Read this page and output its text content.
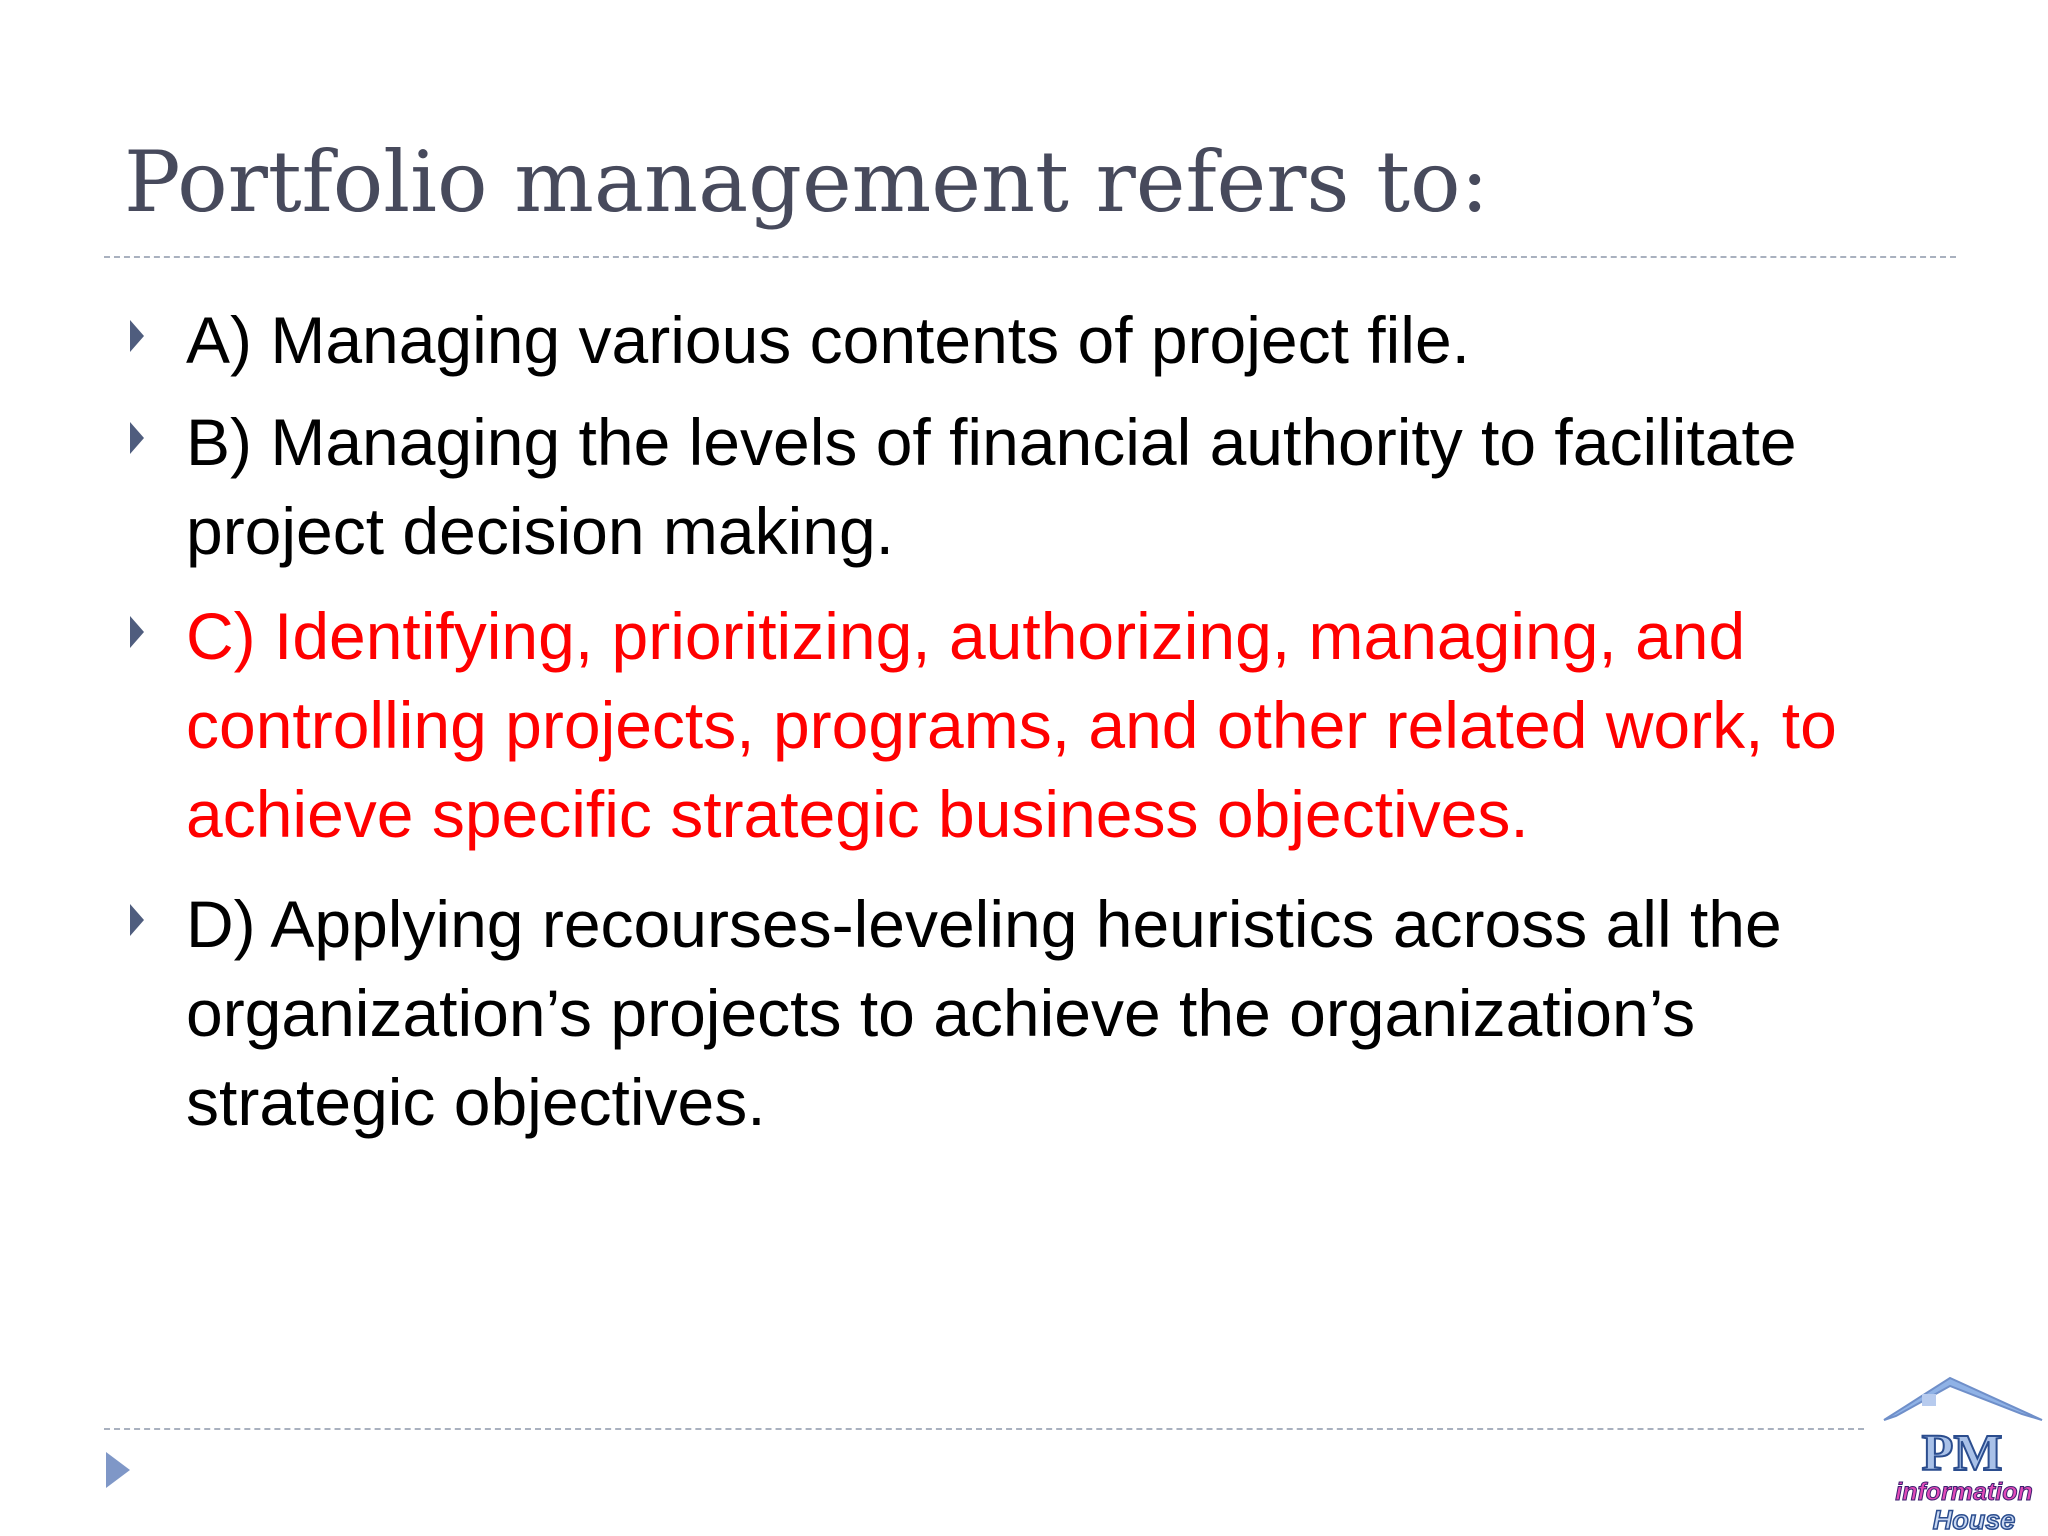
Portfolio management refers to:
A) Managing various contents of project file.
B) Managing the levels of financial authority to facilitate project decision making.
C) Identifying, prioritizing, authorizing, managing, and controlling projects, programs, and other related work, to achieve specific strategic business objectives.
D) Applying recourses-leveling heuristics across all the organization’s projects to achieve the organization’s strategic objectives.
PM
information
House
